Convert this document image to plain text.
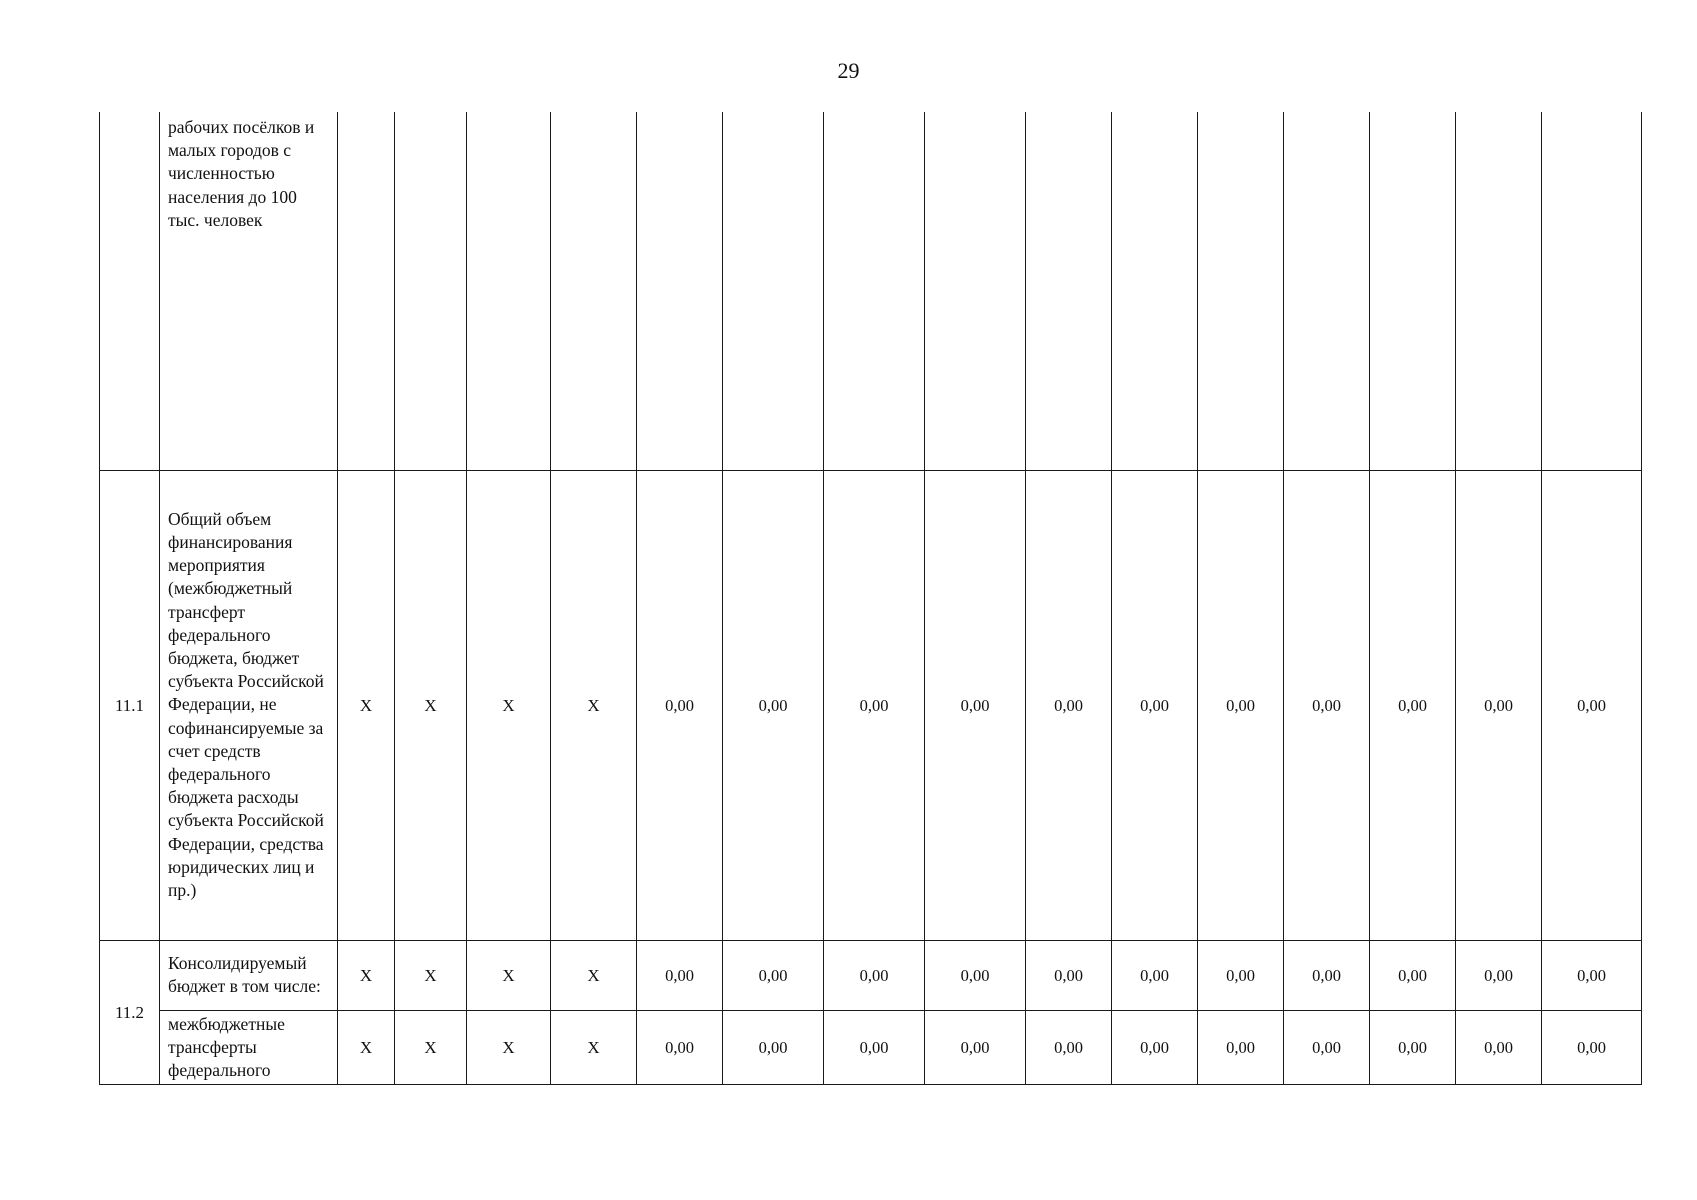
29
	рабочих посёлков и малых городов с численностью населения до 100 тыс. человек															
11.1	Общий объем финансирования мероприятия (межбюджетный трансферт федерального бюджета, бюджет субъекта Российской Федерации, не софинансируемые за счет средств федерального бюджета расходы субъекта Российской Федерации, средства юридических лиц и пр.)	Х	Х	Х	Х	0,00	0,00	0,00	0,00	0,00	0,00	0,00	0,00	0,00	0,00	0,00
11.2	Консолидируемый бюджет в том числе:	Х	Х	Х	Х	0,00	0,00	0,00	0,00	0,00	0,00	0,00	0,00	0,00	0,00	0,00
	межбюджетные трансферты федерального	Х	Х	Х	Х	0,00	0,00	0,00	0,00	0,00	0,00	0,00	0,00	0,00	0,00	0,00
